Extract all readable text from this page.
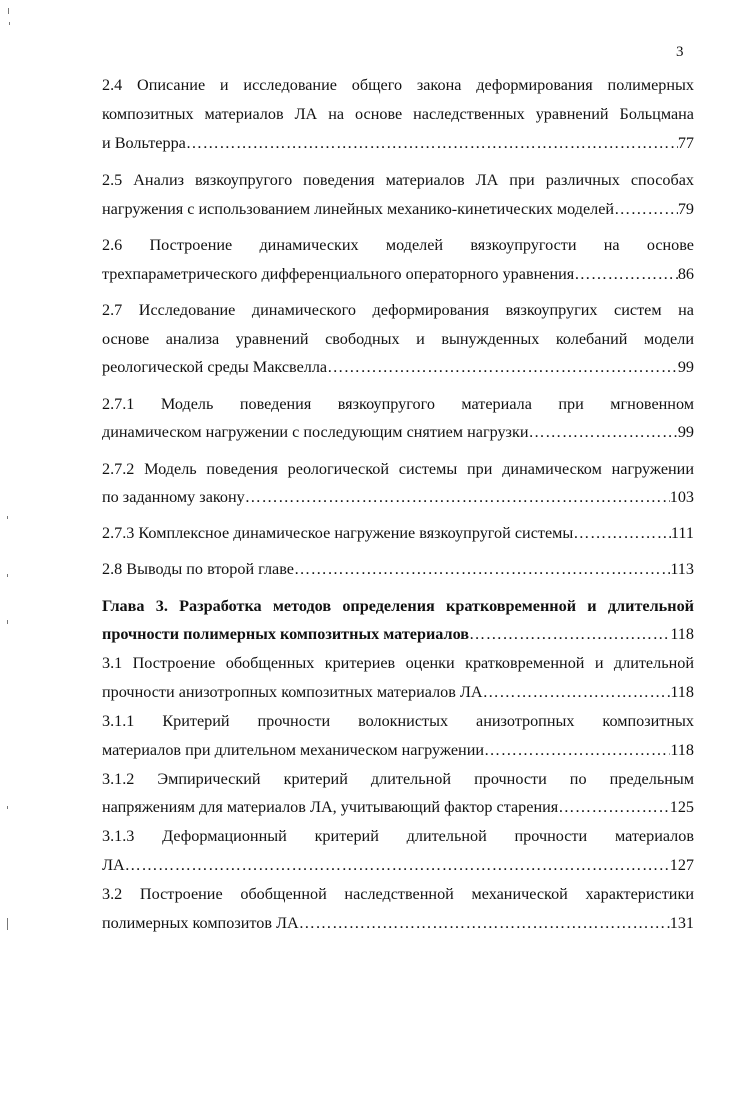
3
2.4 Описание и исследование общего закона деформирования полимерных
композитных материалов ЛА на основе наследственных уравнений Больцмана
и Вольтерра …………………………………………………………………………………………………………………………………………………………………………	77
2.5 Анализ вязкоупругого поведения материалов ЛА при различных способах
нагружения с использованием линейных механико-кинетических моделей …………………………………………………………………………………………………………………………………………………………………………	79
2.6 Построение динамических моделей вязкоупругости на основе
трехпараметрического дифференциального операторного уравнения …………………………………………………………………………………………………………………………………………………………………………	86
2.7 Исследование динамического деформирования вязкоупругих систем на
основе анализа уравнений свободных и вынужденных колебаний модели
реологической среды Максвелла …………………………………………………………………………………………………………………………………………………………………………	99
2.7.1 Модель поведения вязкоупругого материала при мгновенном
динамическом нагружении с последующим снятием нагрузки …………………………………………………………………………………………………………………………………………………………………………	99
2.7.2 Модель поведения реологической системы при динамическом нагружении
по заданному закону …………………………………………………………………………………………………………………………………………………………………………	103
2.7.3 Комплексное динамическое нагружение вязкоупругой системы …………………………………………………………………………………………………………………………………………………………………………	111
2.8 Выводы по второй главе …………………………………………………………………………………………………………………………………………………………………………	113
Глава 3. Разработка методов определения кратковременной и длительной
прочности полимерных композитных материалов …………………………………………………………………………………………………………………………………………………………………………	118
3.1 Построение обобщенных критериев оценки кратковременной и длительной
прочности анизотропных композитных материалов ЛА …………………………………………………………………………………………………………………………………………………………………………	118
3.1.1 Критерий прочности волокнистых анизотропных композитных
материалов при длительном механическом нагружении …………………………………………………………………………………………………………………………………………………………………………	118
3.1.2 Эмпирический критерий длительной прочности по предельным
напряжениям для материалов ЛА, учитывающий фактор старения …………………………………………………………………………………………………………………………………………………………………………	125
3.1.3 Деформационный критерий длительной прочности материалов
ЛА …………………………………………………………………………………………………………………………………………………………………………	127
3.2 Построение обобщенной наследственной механической характеристики
полимерных композитов ЛА …………………………………………………………………………………………………………………………………………………………………………	131
